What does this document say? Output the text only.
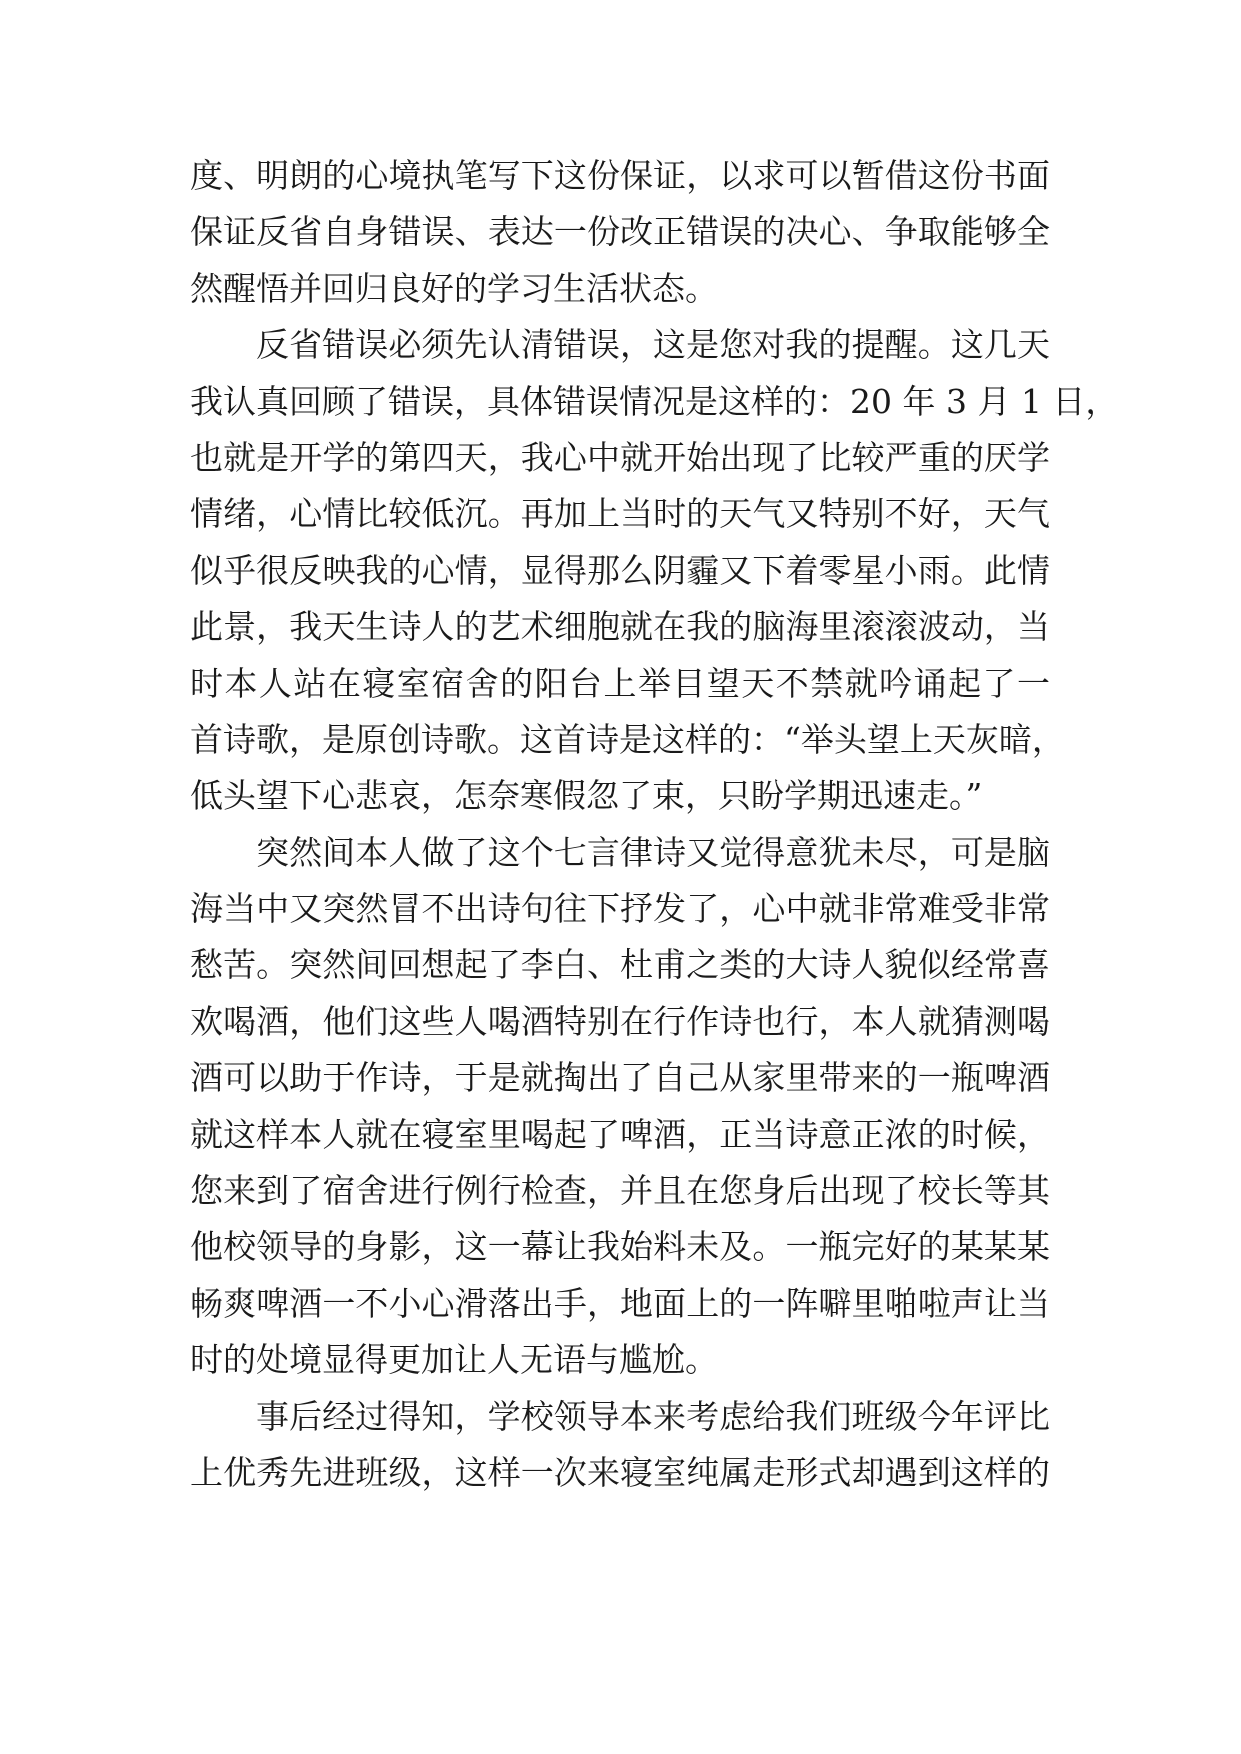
度、明朗的心境执笔写下这份保证，以求可以暂借这份书面
保证反省自身错误、表达一份改正错误的决心、争取能够全
然醒悟并回归良好的学习生活状态。
反省错误必须先认清错误，这是您对我的提醒。这几天
我认真回顾了错误，具体错误情况是这样的：20 年 3 月 1 日，
也就是开学的第四天，我心中就开始出现了比较严重的厌学
情绪，心情比较低沉。再加上当时的天气又特别不好，天气
似乎很反映我的心情，显得那么阴霾又下着零星小雨。此情
此景，我天生诗人的艺术细胞就在我的脑海里滚滚波动，当
时本人站在寝室宿舍的阳台上举目望天不禁就吟诵起了一
首诗歌，是原创诗歌。这首诗是这样的：“举头望上天灰暗，
低头望下心悲哀，怎奈寒假忽了束，只盼学期迅速走。”
突然间本人做了这个七言律诗又觉得意犹未尽，可是脑
海当中又突然冒不出诗句往下抒发了，心中就非常难受非常
愁苦。突然间回想起了李白、杜甫之类的大诗人貌似经常喜
欢喝酒，他们这些人喝酒特别在行作诗也行，本人就猜测喝
酒可以助于作诗，于是就掏出了自己从家里带来的一瓶啤酒
就这样本人就在寝室里喝起了啤酒，正当诗意正浓的时候，
您来到了宿舍进行例行检查，并且在您身后出现了校长等其
他校领导的身影，这一幕让我始料未及。一瓶完好的某某某
畅爽啤酒一不小心滑落出手，地面上的一阵噼里啪啦声让当
时的处境显得更加让人无语与尴尬。
事后经过得知，学校领导本来考虑给我们班级今年评比
上优秀先进班级，这样一次来寝室纯属走形式却遇到这样的
